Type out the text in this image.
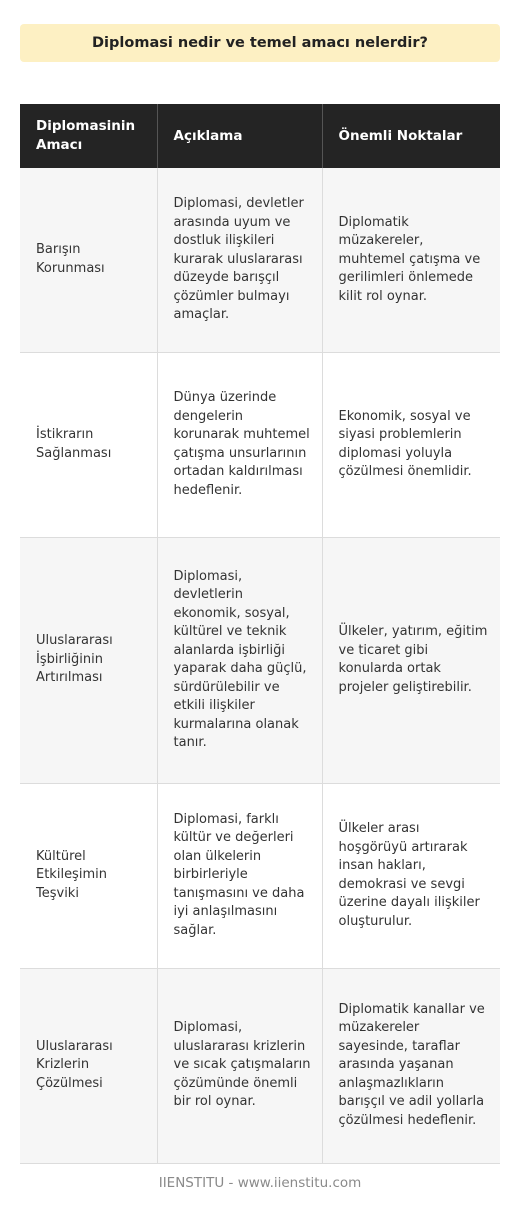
Diplomasi nedir ve temel amacı nelerdir?
Diplomasinin Amacı	Açıklama	Önemli Noktalar
Barışın Korunması	Diplomasi, devletler arasında uyum ve dostluk ilişkileri kurarak uluslararası düzeyde barışçıl çözümler bulmayı amaçlar.	Diplomatik müzakereler, muhtemel çatışma ve gerilimleri önlemede kilit rol oynar.
İstikrarın Sağlanması	Dünya üzerinde dengelerin korunarak muhtemel çatışma unsurlarının ortadan kaldırılması hedeflenir.	Ekonomik, sosyal ve siyasi problemlerin diplomasi yoluyla çözülmesi önemlidir.
Uluslararası İşbirliğinin Artırılması	Diplomasi, devletlerin ekonomik, sosyal, kültürel ve teknik alanlarda işbirliği yaparak daha güçlü, sürdürülebilir ve etkili ilişkiler kurmalarına olanak tanır.	Ülkeler, yatırım, eğitim ve ticaret gibi konularda ortak projeler geliştirebilir.
Kültürel Etkileşimin Teşviki	Diplomasi, farklı kültür ve değerleri olan ülkelerin birbirleriyle tanışmasını ve daha iyi anlaşılmasını sağlar.	Ülkeler arası hoşgörüyü artırarak insan hakları, demokrasi ve sevgi üzerine dayalı ilişkiler oluşturulur.
Uluslararası Krizlerin Çözülmesi	Diplomasi, uluslararası krizlerin ve sıcak çatışmaların çözümünde önemli bir rol oynar.	Diplomatik kanallar ve müzakereler sayesinde, taraflar arasında yaşanan anlaşmazlıkların barışçıl ve adil yollarla çözülmesi hedeflenir.
IIENSTITU - www.iienstitu.com
